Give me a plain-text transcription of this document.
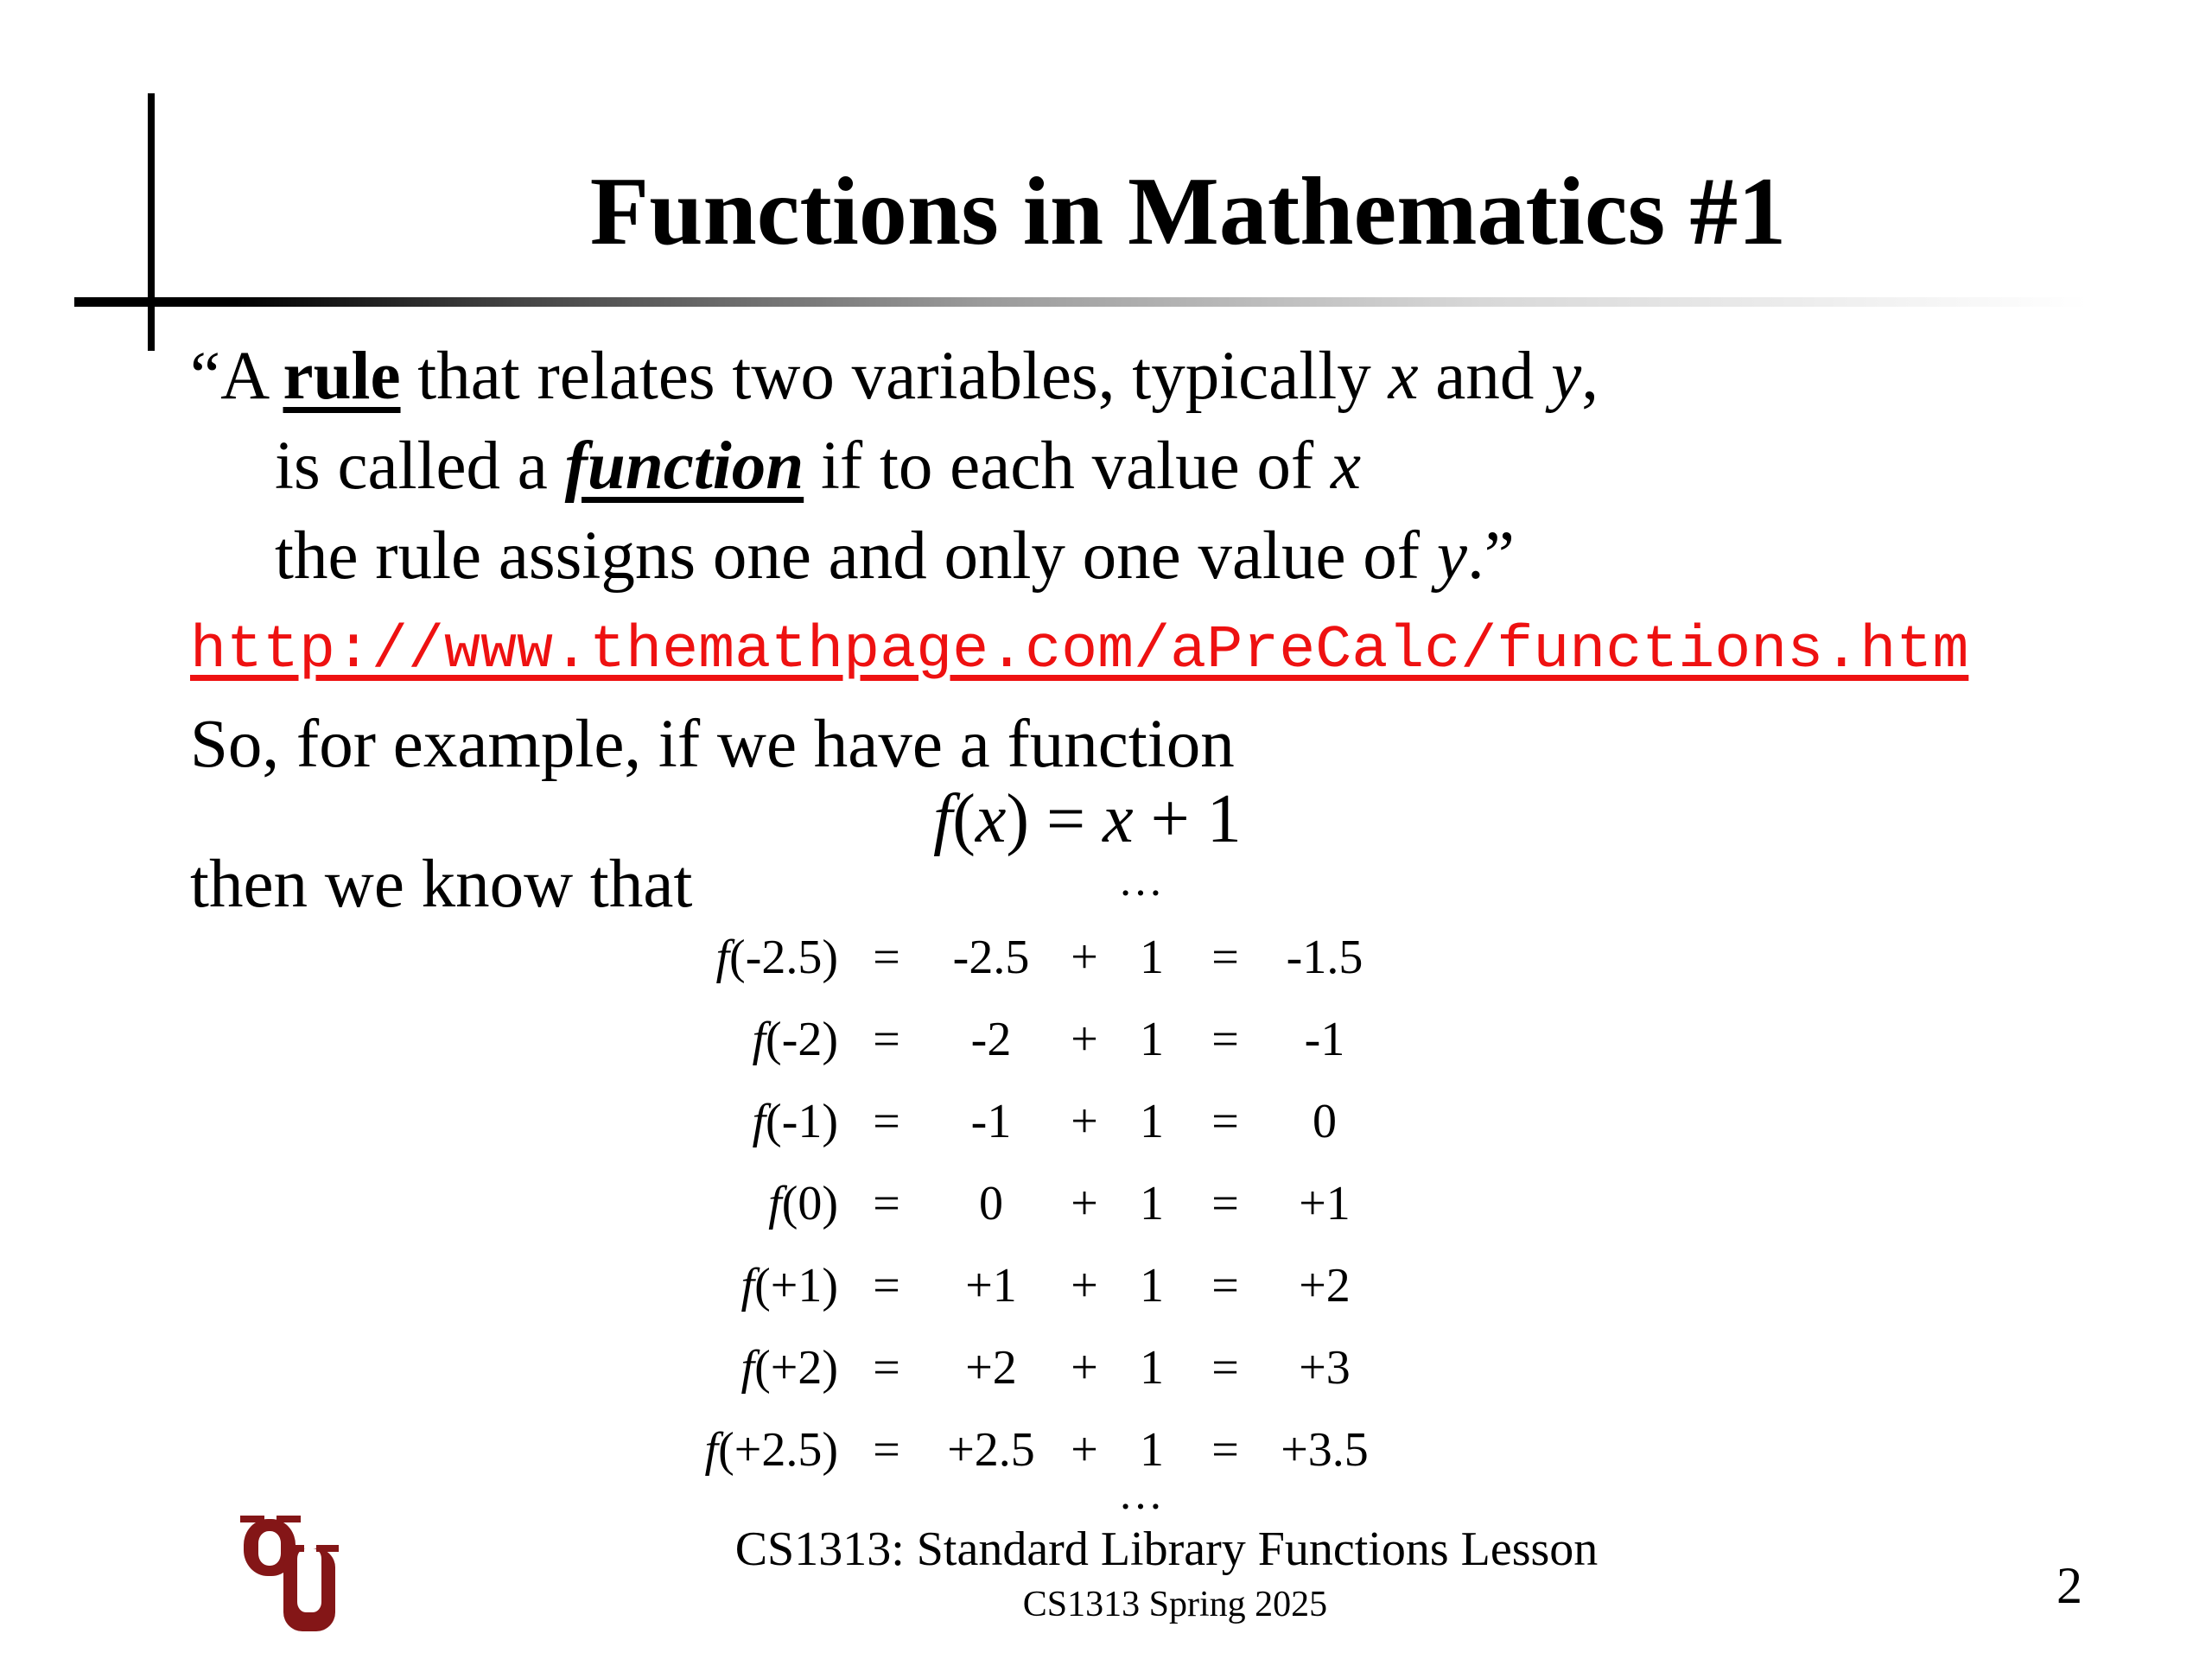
Functions in Mathematics #1
“A rule that relates two variables, typically x and y,
is called a function if to each value of x
the rule assigns one and only one value of y.”
http://www.themathpage.com/aPreCalc/functions.htm
So, for example, if we have a function
f(x) = x + 1
then we know that	…
f(-2.5)	=	-2.5	+	1	=	-1.5
f(-2)	=	-2	+	1	=	-1
f(-1)	=	-1	+	1	=	0
f(0)	=	0	+	1	=	+1
f(+1)	=	+1	+	1	=	+2
f(+2)	=	+2	+	1	=	+3
f(+2.5)	=	+2.5	+	1	=	+3.5
…
CS1313: Standard Library Functions Lesson
CS1313 Spring 2025	2
